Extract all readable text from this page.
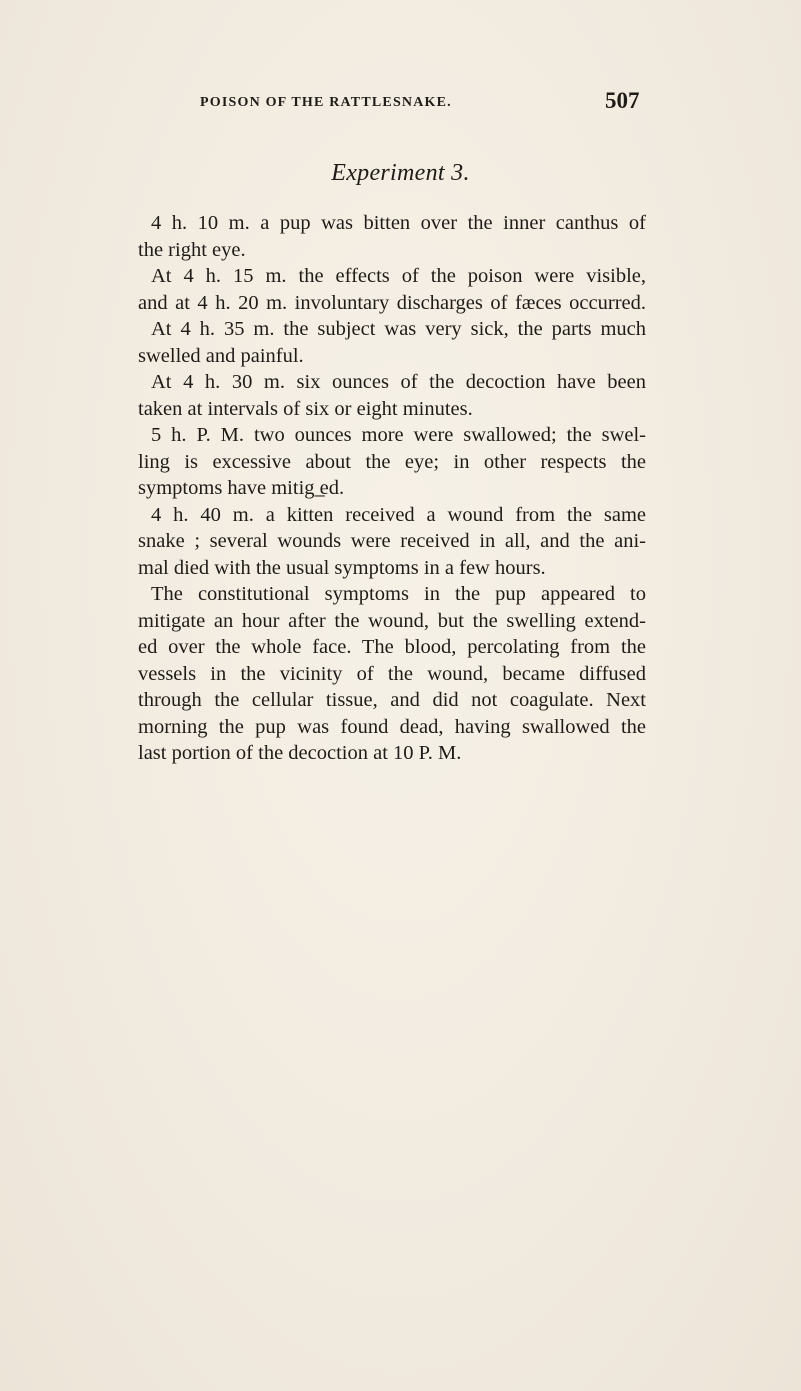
POISON OF THE RATTLESNAKE.	507
Experiment 3.
4 h. 10 m. a pup was bitten over the inner canthus of
the right eye.
At 4 h. 15 m. the effects of the poison were visible,
and at 4 h. 20 m. involuntary discharges of fæces occurred.
At 4 h. 35 m. the subject was very sick, the parts much
swelled and painful.
At 4 h. 30 m. six ounces of the decoction have been
taken at intervals of six or eight minutes.
5 h. P. M. two ounces more were swallowed; the swel-
ling is excessive about the eye; in other respects the
symptoms have mitig ̲ed.
4 h. 40 m. a kitten received a wound from the same
snake ; several wounds were received in all, and the ani-
mal died with the usual symptoms in a few hours.
The constitutional symptoms in the pup appeared to
mitigate an hour after the wound, but the swelling extend-
ed over the whole face. The blood, percolating from the
vessels in the vicinity of the wound, became diffused
through the cellular tissue, and did not coagulate. Next
morning the pup was found dead, having swallowed the
last portion of the decoction at 10 P. M.
